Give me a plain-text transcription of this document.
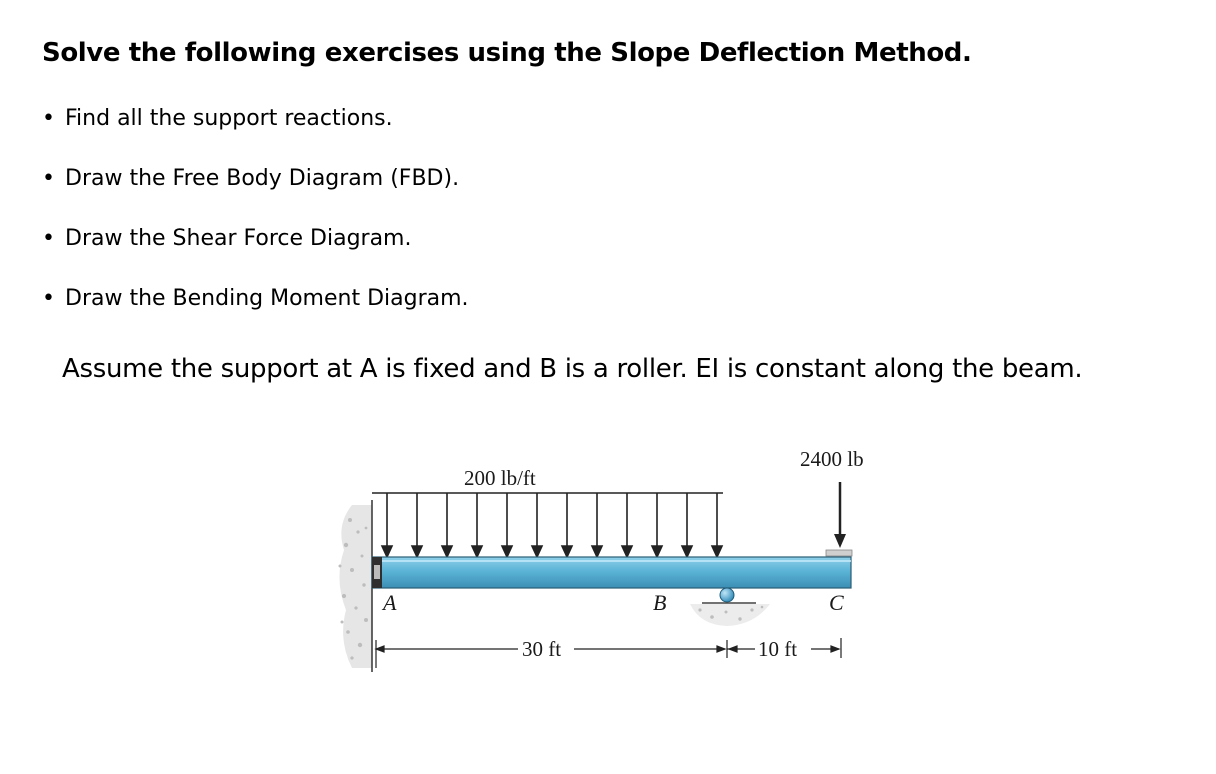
Solve the following exercises using the Slope Deflection Method.
• Find all the support reactions.
• Draw the Free Body Diagram (FBD).
• Draw the Shear Force Diagram.
• Draw the Bending Moment Diagram.
Assume the support at A is fixed and B is a roller. EI is constant along the beam.
200 lb/ft
2400 lb
A	B	C
30 ft	10 ft
